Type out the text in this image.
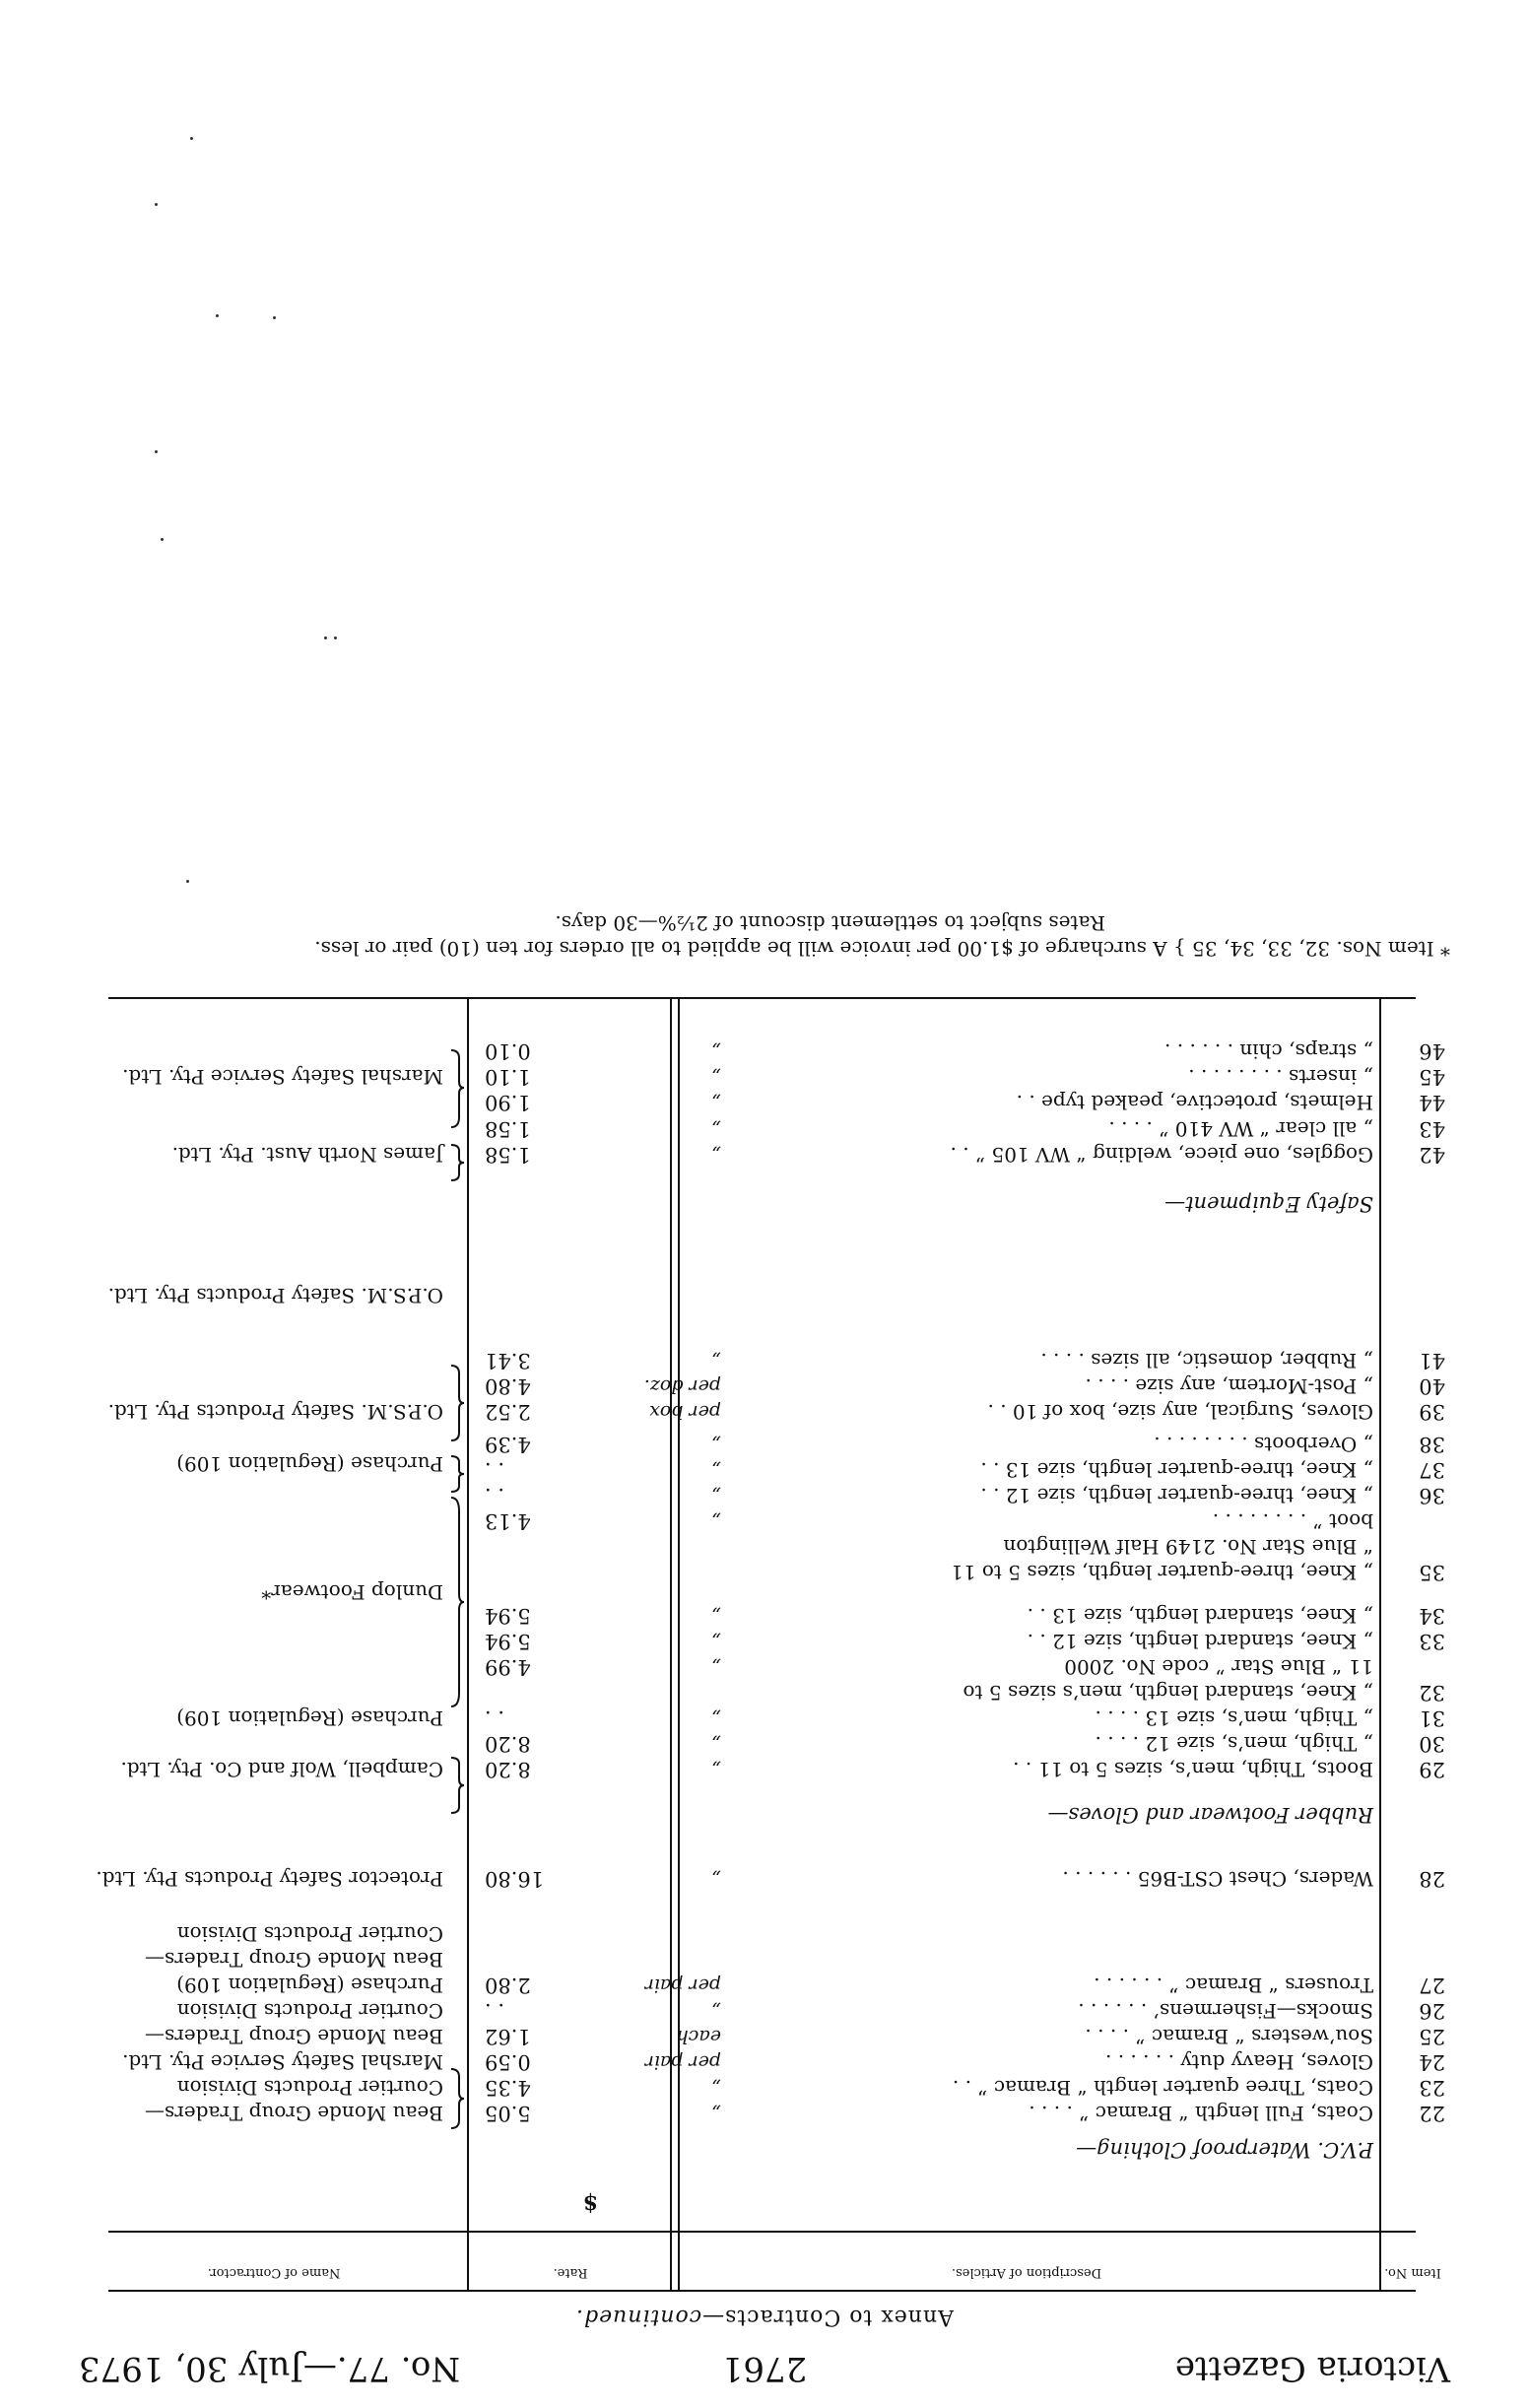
Victoria Gazette
2761
No. 77.—July 30, 1973
Annex to Contracts—continued.
Item No.
Description of Articles.
Rate.
Name of Contractor.
$
P.V.C. Waterproof Clothing—
Rubber Footwear and Gloves—
Safety Equipment—
22
Coats, Full length “ Bramac ” . . . .
„
5.05
23
Coats, Three quarter length “ Bramac ” . .
„
4.35
24
Gloves, Heavy duty . . . . . .
per pair
0.59
25
Sou’westers “ Bramac ” . . . .
each
1.62
26
Smocks—Fishermens’ . . . . . .
„
. .
27
Trousers “ Bramac ” . . . . . .
per pair
2.80
28
Waders, Chest CST-B65 . . . . . .
„
16.80
29
Boots, Thigh, men’s, sizes 5 to 11 . .
„
8.20
30
„ Thigh, men’s, size 12 . . . .
„
8.20
31
„ Thigh, men’s, size 13 . . . .
„
. .
32
„ Knee, standard length, men’s sizes 5 to
11 “ Blue Star ” code No. 2000
„
4.99
33
„ Knee, standard length, size 12 . .
„
5.94
34
„ Knee, standard length, size 13 . .
„
5.94
35
„ Knee, three-quarter length, sizes 5 to 11
“ Blue Star No. 2149 Half Wellington
boot ” . . . . . . . .
„
4.13
36
„ Knee, three-quarter length, size 12 . .
„
. .
37
„ Knee, three-quarter length, size 13 . .
„
. .
38
„ Overboots . . . . . . . .
„
4.39
39
Gloves, Surgical, any size, box of 10 . .
per box
2.52
40
„ Post-Mortem, any size . . . .
per doz.
4.80
41
„ Rubber, domestic, all sizes . . . .
„
3.41
42
Goggles, one piece, welding “ WV 105 ” . .
„
1.58
43
„ all clear “ WV 410 ” . . . .
„
1.58
44
Helmets, protective, peaked type . .
„
1.90
45
„ inserts . . . . . . . .
„
1.10
46
„ straps, chin . . . . . .
„
0.10
Beau Monde Group Traders—
Courtier Products Division
Marshal Safety Service Pty. Ltd.
Beau Monde Group Traders—
Courtier Products Division
Purchase (Regulation 109)
Beau Monde Group Traders—
Courtier Products Division
Protector Safety Products Pty. Ltd.
Campbell, Wolf and Co. Pty. Ltd.
Purchase (Regulation 109)
Dunlop Footwear*
Purchase (Regulation 109)
O.P.S.M. Safety Products Pty. Ltd.
O.P.S.M. Safety Products Pty. Ltd.
James North Aust. Pty. Ltd.
Marshal Safety Service Pty. Ltd.
* Item Nos. 32, 33, 34, 35 } A surcharge of $1.00 per invoice will be applied to all orders for ten (10) pair or less.
Rates subject to settlement discount of 2½%—30 days.
